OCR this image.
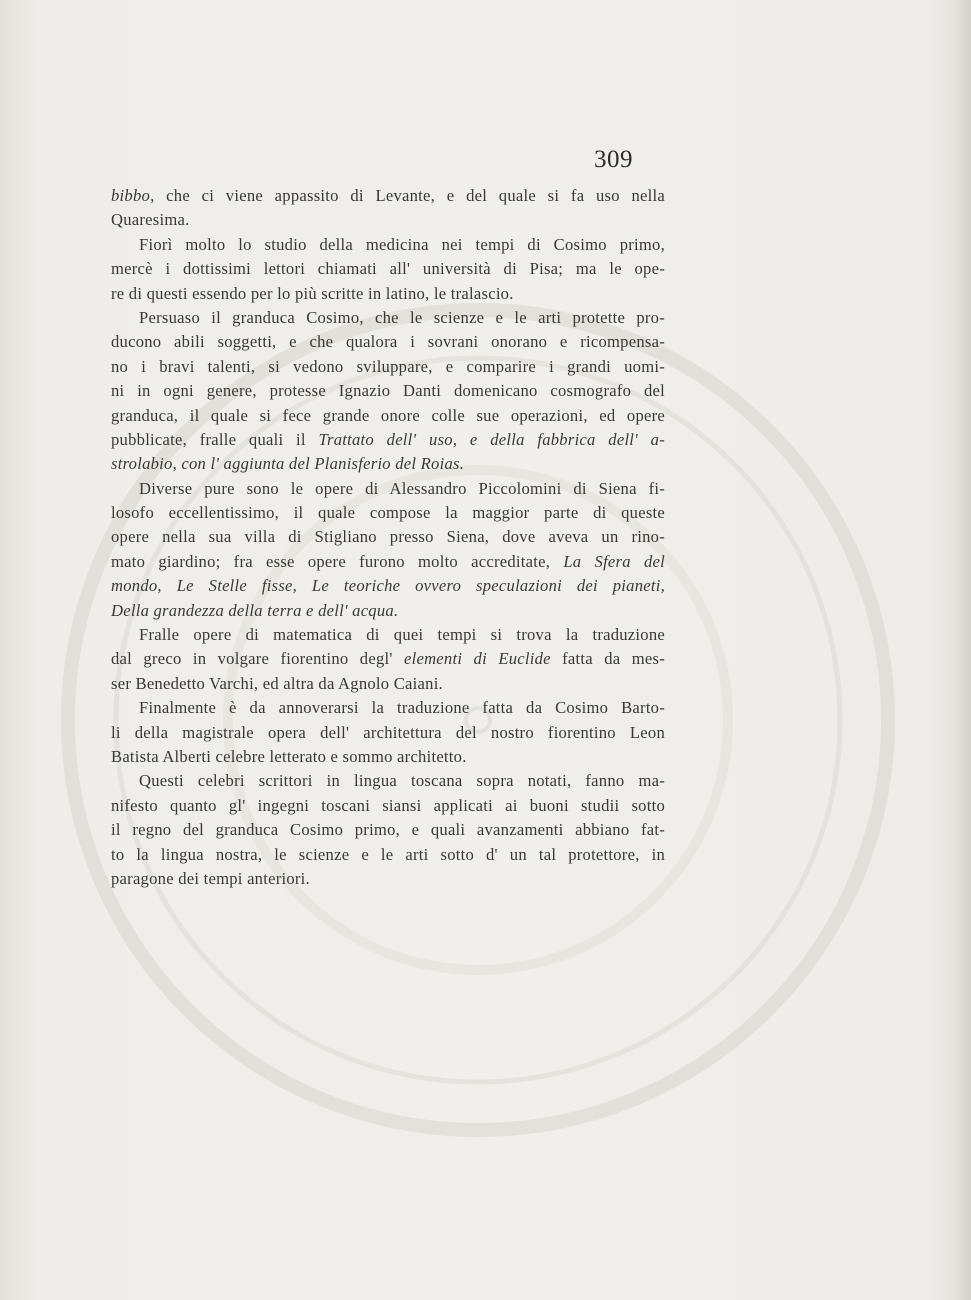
309
bibbo, che ci viene appassito di Levante, e del quale si fa uso nella
Quaresima.
Fiorì molto lo studio della medicina nei tempi di Cosimo primo,
mercè i dottissimi lettori chiamati all' università di Pisa; ma le ope-
re di questi essendo per lo più scritte in latino, le tralascio.
Persuaso il granduca Cosimo, che le scienze e le arti protette pro-
ducono abili soggetti, e che qualora i sovrani onorano e ricompensa-
no i bravi talenti, si vedono sviluppare, e comparire i grandi uomi-
ni in ogni genere, protesse Ignazio Danti domenicano cosmografo del
granduca, il quale si fece grande onore colle sue operazioni, ed opere
pubblicate, fralle quali il Trattato dell' uso, e della fabbrica dell' a-
strolabio, con l' aggiunta del Planisferio del Roias.
Diverse pure sono le opere di Alessandro Piccolomini di Siena fi-
losofo eccellentissimo, il quale compose la maggior parte di queste
opere nella sua villa di Stigliano presso Siena, dove aveva un rino-
mato giardino; fra esse opere furono molto accreditate, La Sfera del
mondo, Le Stelle fisse, Le teoriche ovvero speculazioni dei pianeti,
Della grandezza della terra e dell' acqua.
Fralle opere di matematica di quei tempi si trova la traduzione
dal greco in volgare fiorentino degl' elementi di Euclide fatta da mes-
ser Benedetto Varchi, ed altra da Agnolo Caiani.
Finalmente è da annoverarsi la traduzione fatta da Cosimo Barto-
li della magistrale opera dell' architettura del nostro fiorentino Leon
Batista Alberti celebre letterato e sommo architetto.
Questi celebri scrittori in lingua toscana sopra notati, fanno ma-
nifesto quanto gl' ingegni toscani siansi applicati ai buoni studii sotto
il regno del granduca Cosimo primo, e quali avanzamenti abbiano fat-
to la lingua nostra, le scienze e le arti sotto d' un tal protettore, in
paragone dei tempi anteriori.
